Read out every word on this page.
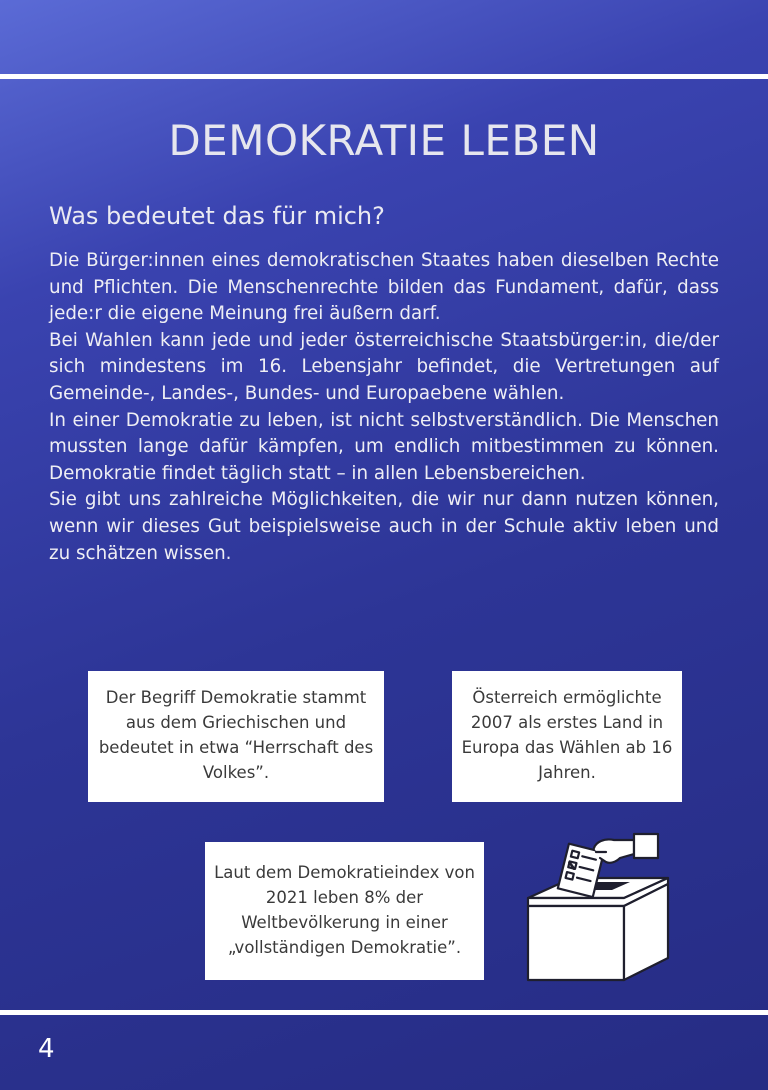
DEMOKRATIE LEBEN
Was bedeutet das für mich?

Die Bürger:innen eines demokratischen Staates haben dieselben Rechte und Pflichten. Die Menschenrechte bilden das Fundament, dafür, dass jede:r die eigene Meinung frei äußern darf.

Bei Wahlen kann jede und jeder österreichische Staatsbürger:in, die/der sich mindestens im 16. Lebensjahr befindet, die Vertretungen auf Gemeinde-, Landes-, Bundes- und Europaebene wählen.

In einer Demokratie zu leben, ist nicht selbstverständlich. Die Menschen mussten lange dafür kämpfen, um endlich mitbestimmen zu können. Demokratie findet täglich statt – in allen Lebensbereichen.

Sie gibt uns zahlreiche Möglichkeiten, die wir nur dann nutzen können, wenn wir dieses Gut beispielsweise auch in der Schule aktiv leben und zu schätzen wissen.

Der Begriff Demokratie stammt aus dem Griechischen und bedeutet in etwa “Herrschaft des Volkes”.
Österreich ermöglichte 2007 als erstes Land in Europa das Wählen ab 16 Jahren.
Laut dem Demokratieindex von 2021 leben 8% der Weltbevölkerung in einer „vollständigen Demokratie”.
4
